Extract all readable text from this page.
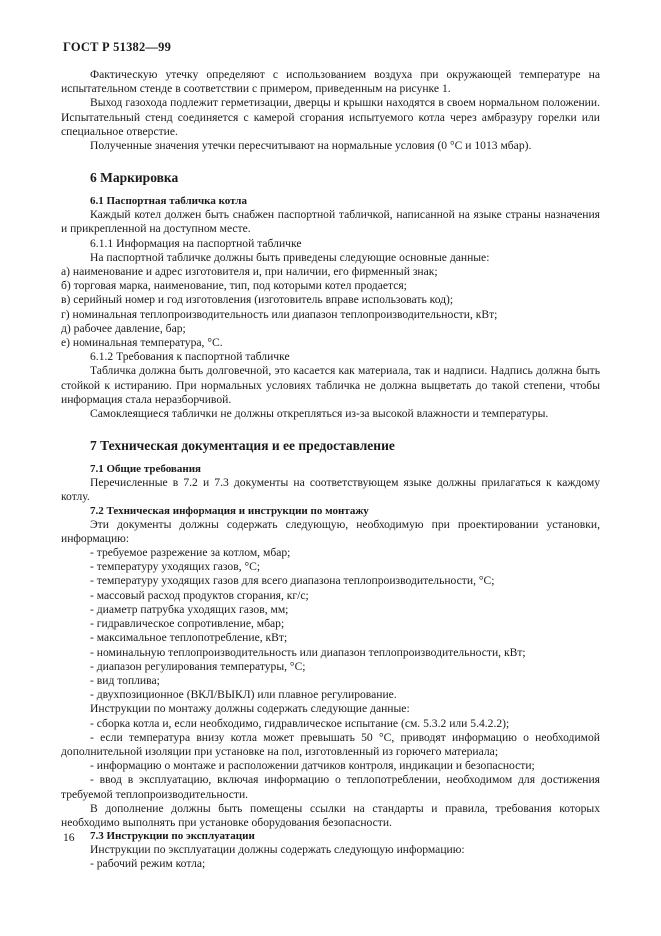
ГОСТ Р 51382—99

Фактическую утечку определяют с использованием воздуха при окружающей температуре на испытательном стенде в соответствии с примером, приведенным на рисунке 1.

Выход газохода подлежит герметизации, дверцы и крышки находятся в своем нормальном положении. Испытательный стенд соединяется с камерой сгорания испытуемого котла через амбразуру горелки или специальное отверстие.

Полученные значения утечки пересчитывают на нормальные условия (0 °С и 1013 мбар).

6 Маркировка
6.1 Паспортная табличка котла

Каждый котел должен быть снабжен паспортной табличкой, написанной на языке страны назначения и прикрепленной на доступном месте.

6.1.1 Информация на паспортной табличке

На паспортной табличке должны быть приведены следующие основные данные:

а) наименование и адрес изготовителя и, при наличии, его фирменный знак;

б) торговая марка, наименование, тип, под которыми котел продается;

в) серийный номер и год изготовления (изготовитель вправе использовать код);

г) номинальная теплопроизводительность или диапазон теплопроизводительности, кВт;

д) рабочее давление, бар;

е) номинальная температура, °С.

6.1.2 Требования к паспортной табличке

Табличка должна быть долговечной, это касается как материала, так и надписи. Надпись должна быть стойкой к истиранию. При нормальных условиях табличка не должна выцветать до такой степени, чтобы информация стала неразборчивой.

Самоклеящиеся таблички не должны открепляться из-за высокой влажности и температуры.

7 Техническая документация и ее предоставление
7.1 Общие требования

Перечисленные в 7.2 и 7.3 документы на соответствующем языке должны прилагаться к каждому котлу.

7.2 Техническая информация и инструкции по монтажу

Эти документы должны содержать следующую, необходимую при проектировании установки, информацию:

- требуемое разрежение за котлом, мбар;

- температуру уходящих газов, °С;

- температуру уходящих газов для всего диапазона теплопроизводительности, °С;

- массовый расход продуктов сгорания, кг/с;

- диаметр патрубка уходящих газов, мм;

- гидравлическое сопротивление, мбар;

- максимальное теплопотребление, кВт;

- номинальную теплопроизводительность или диапазон теплопроизводительности, кВт;

- диапазон регулирования температуры, °С;

- вид топлива;

- двухпозиционное (ВКЛ/ВЫКЛ) или плавное регулирование.

Инструкции по монтажу должны содержать следующие данные:

- сборка котла и, если необходимо, гидравлическое испытание (см. 5.3.2 или 5.4.2.2);

- если температура внизу котла может превышать 50 °С, приводят информацию о необходимой дополнительной изоляции при установке на пол, изготовленный из горючего материала;

- информацию о монтаже и расположении датчиков контроля, индикации и безопасности;

- ввод в эксплуатацию, включая информацию о теплопотреблении, необходимом для достижения требуемой теплопроизводительности.

В дополнение должны быть помещены ссылки на стандарты и правила, требования которых необходимо выполнять при установке оборудования безопасности.

7.3 Инструкции по эксплуатации

Инструкции по эксплуатации должны содержать следующую информацию:

- рабочий режим котла;

16
